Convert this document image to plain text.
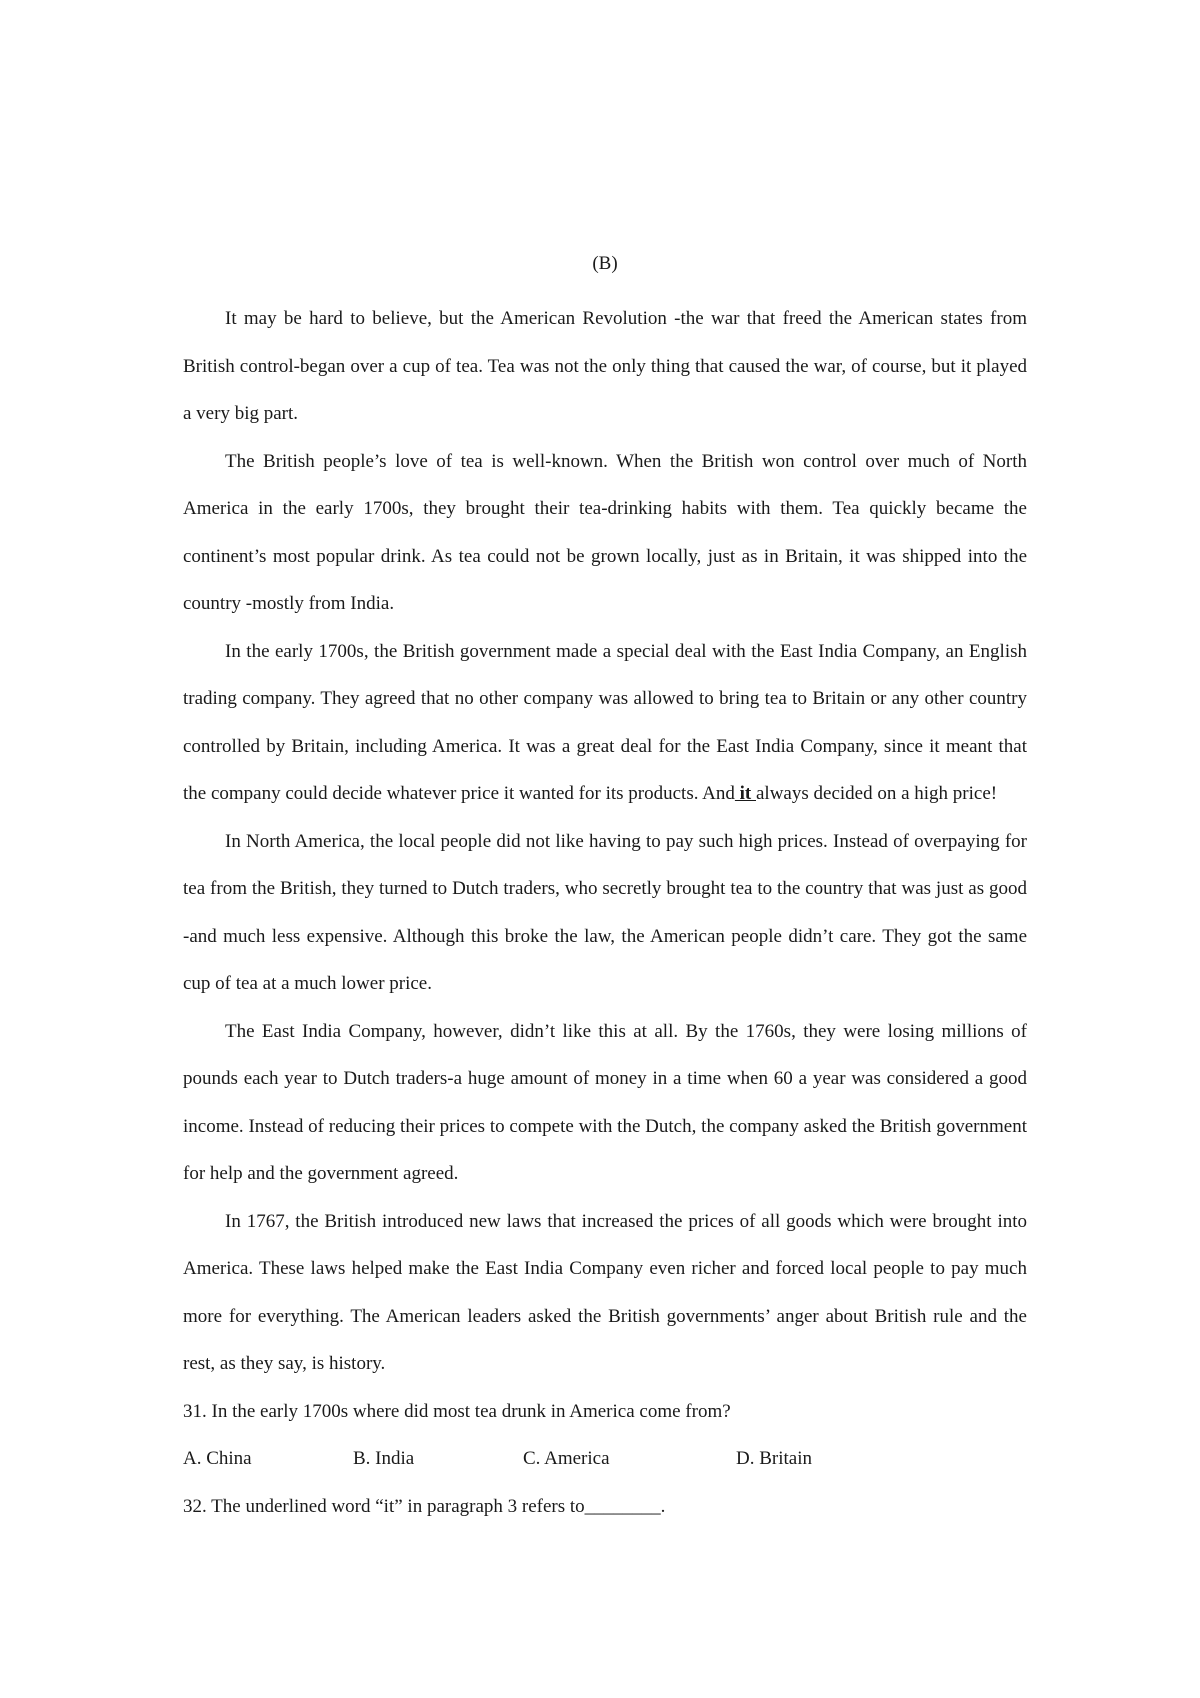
(B)

It may be hard to believe, but the American Revolution -the war that freed the American states from British control-began over a cup of tea. Tea was not the only thing that caused the war, of course, but it played a very big part.

The British people’s love of tea is well-known. When the British won control over much of North America in the early 1700s, they brought their tea-drinking habits with them. Tea quickly became the continent’s most popular drink. As tea could not be grown locally, just as in Britain, it was shipped into the country -mostly from India.

In the early 1700s, the British government made a special deal with the East India Company, an English trading company. They agreed that no other company was allowed to bring tea to Britain or any other country controlled by Britain, including America. It was a great deal for the East India Company, since it meant that the company could decide whatever price it wanted for its products. And it always decided on a high price!

In North America, the local people did not like having to pay such high prices. Instead of overpaying for tea from the British, they turned to Dutch traders, who secretly brought tea to the country that was just as good -and much less expensive. Although this broke the law, the American people didn’t care. They got the same cup of tea at a much lower price.

The East India Company, however, didn’t like this at all. By the 1760s, they were losing millions of pounds each year to Dutch traders-a huge amount of money in a time when 60 a year was considered a good income. Instead of reducing their prices to compete with the Dutch, the company asked the British government for help and the government agreed.

In 1767, the British introduced new laws that increased the prices of all goods which were brought into America. These laws helped make the East India Company even richer and forced local people to pay much more for everything. The American leaders asked the British governments’ anger about British rule and the rest, as they say, is history.

31. In the early 1700s where did most tea drunk in America come from?

A. China	B. India	C. America	D. Britain

32. The underlined word “it” in paragraph 3 refers to________.
